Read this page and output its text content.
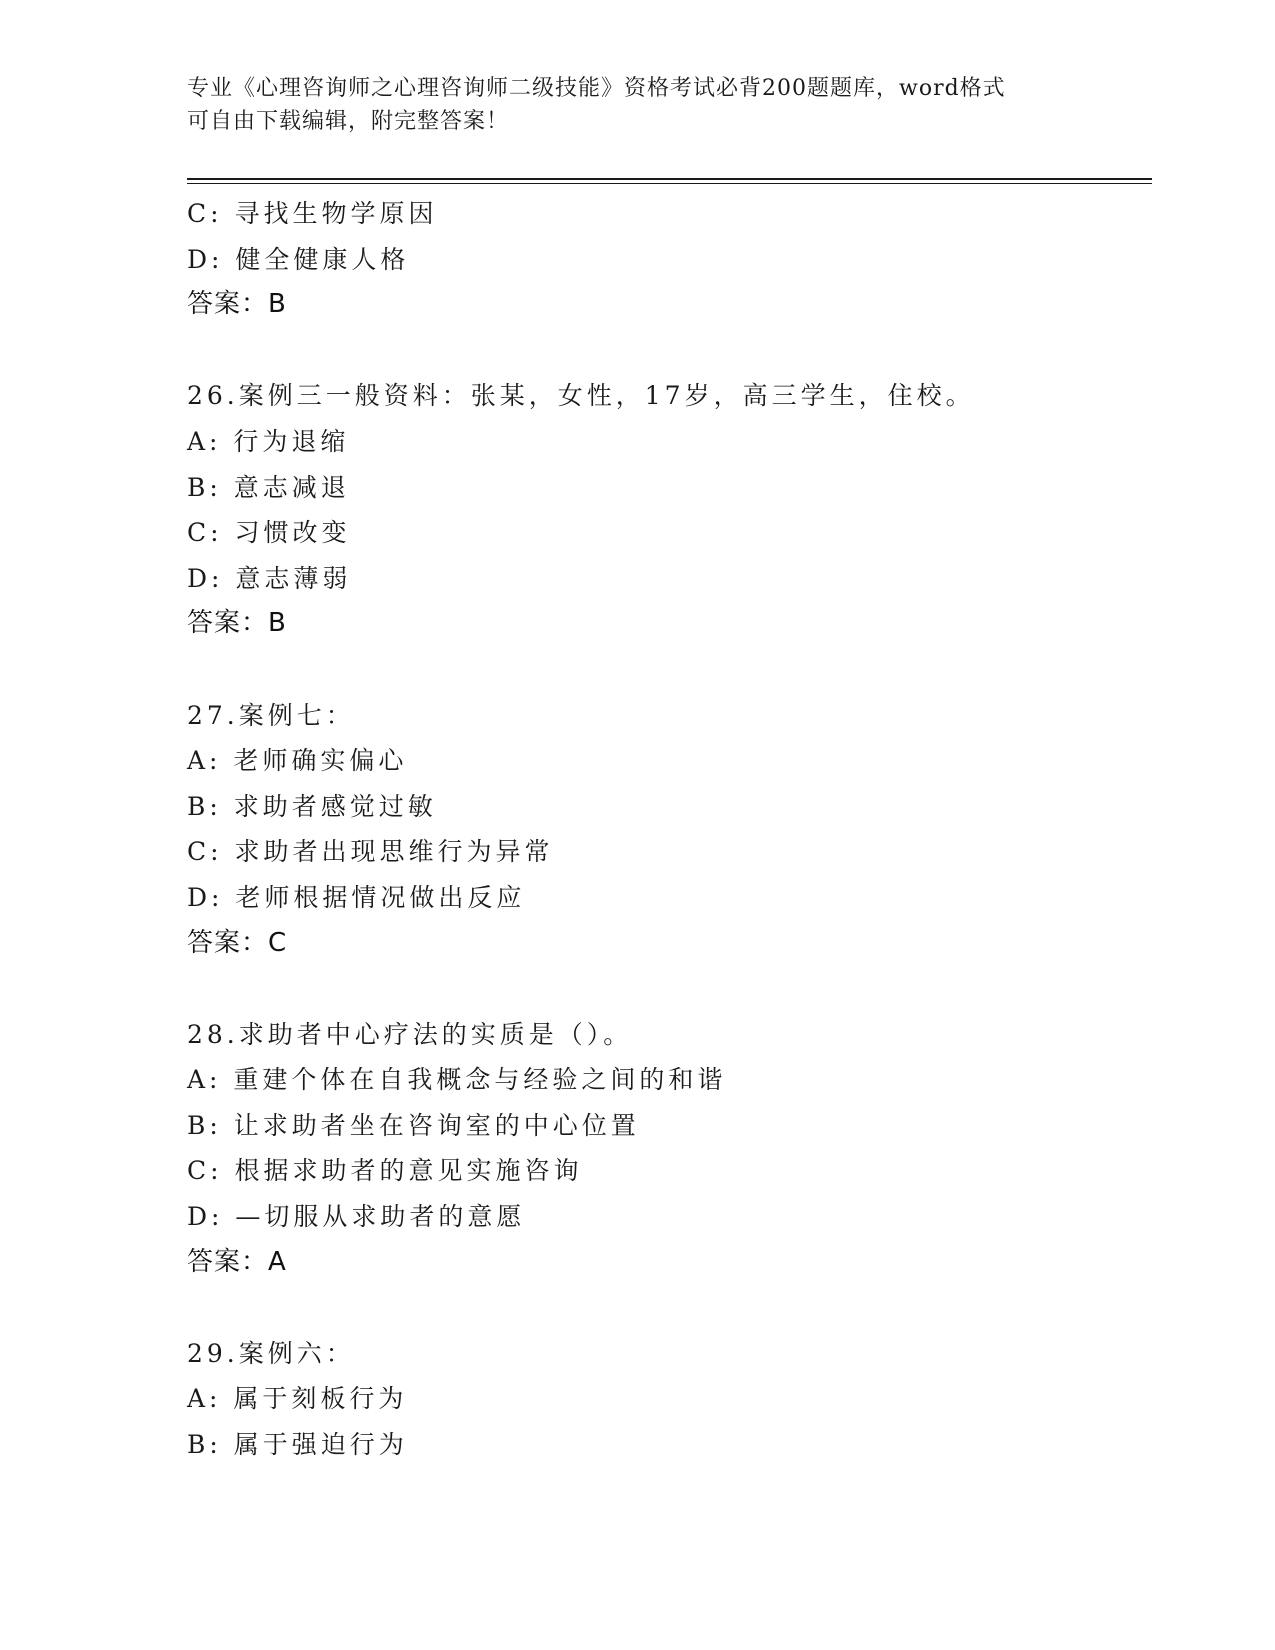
专业《心理咨询师之心理咨询师二级技能》资格考试必背200题题库，word格式

可自由下载编辑，附完整答案！

C: 寻找生物学原因
D: 健全健康人格
答案：B
26.案例三一般资料：张某，女性，17岁，高三学生，住校。
A: 行为退缩
B: 意志减退
C: 习惯改变
D: 意志薄弱
答案：B
27.案例七：
A: 老师确实偏心
B: 求助者感觉过敏
C: 求助者出现思维行为异常
D: 老师根据情况做出反应
答案：C
28.求助者中心疗法的实质是（）。
A: 重建个体在自我概念与经验之间的和谐
B: 让求助者坐在咨询室的中心位置
C: 根据求助者的意见实施咨询
D: —切服从求助者的意愿
答案：A
29.案例六：
A: 属于刻板行为
B: 属于强迫行为
